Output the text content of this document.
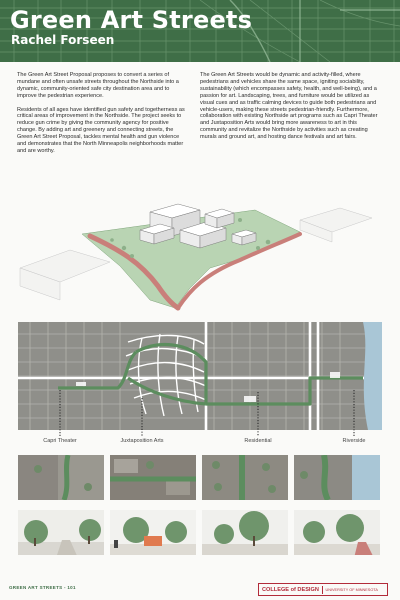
Green Art Streets
Rachel Forseen

The Green Art Street Proposal proposes to convert a series of mundane and often unsafe streets throughout the Northside into a dynamic, community-oriented safe city destination area and to improve the pedestrian experience.

Residents of all ages have identified gun safety and togetherness as critical areas of improvement in the Northside. The project seeks to reduce gun crime by giving the community agency for positive change. By adding art and greenery and connecting streets, the Green Art Street Proposal, tackles mental health and gun violence and demonstrates that the North Minneapolis neighborhoods matter and are worthy.

The Green Art Streets would be dynamic and activity-filled, where pedestrians and vehicles share the same space, igniting sociability, sustainability (which encompasses safety, health, and well-being), and a passion for art. Landscaping, trees, and furniture would be utilized as visual cues and as traffic calming devices to guide both pedestrians and vehicle-users, making these streets pedestrian-friendly. Furthermore, collaboration with existing Northside art programs such as Capri Theater and Juxtaposition Arts would bring more awareness to art in this community and revitalize the Northside by activities such as creating murals and ground art, and hosting dance festivals and art fairs.

Capri Theater	Juxtaposition Arts	Residential	Riverside
GREEN ART STREETS - 101	COLLEGE of DESIGN UNIVERSITY OF MINNESOTA
